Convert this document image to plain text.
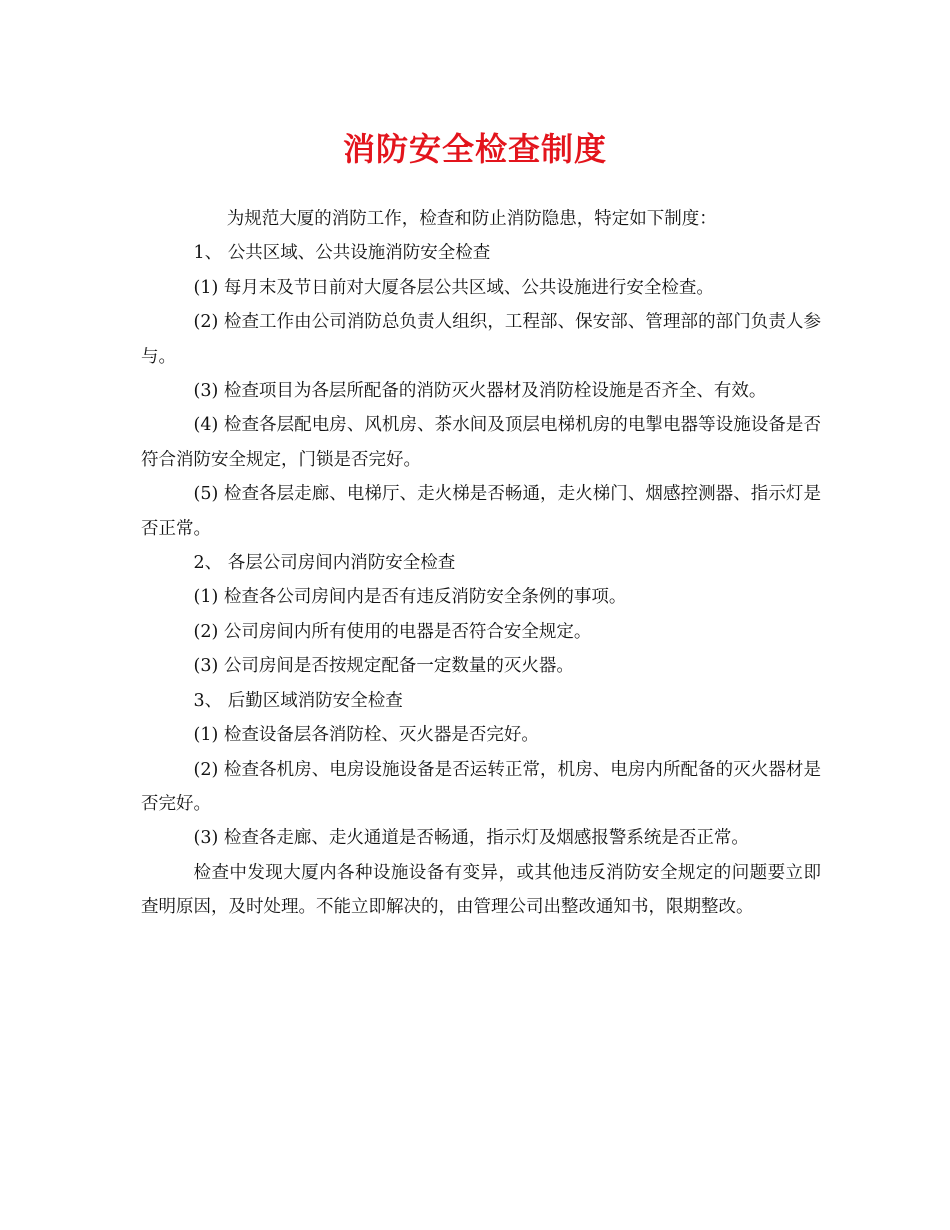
消防安全检查制度

为规范大厦的消防工作，检查和防止消防隐患，特定如下制度：

1、 公共区域、公共设施消防安全检查

(1) 每月末及节日前对大厦各层公共区域、公共设施进行安全检查。

(2) 检查工作由公司消防总负责人组织，工程部、保安部、管理部的部门负责人参与。

(3) 检查项目为各层所配备的消防灭火器材及消防栓设施是否齐全、有效。

(4) 检查各层配电房、风机房、茶水间及顶层电梯机房的电掣电器等设施设备是否符合消防安全规定，门锁是否完好。

(5) 检查各层走廊、电梯厅、走火梯是否畅通，走火梯门、烟感控测器、指示灯是否正常。

2、 各层公司房间内消防安全检查

(1) 检查各公司房间内是否有违反消防安全条例的事项。

(2) 公司房间内所有使用的电器是否符合安全规定。

(3) 公司房间是否按规定配备一定数量的灭火器。

3、 后勤区域消防安全检查

(1) 检查设备层各消防栓、灭火器是否完好。

(2) 检查各机房、电房设施设备是否运转正常，机房、电房内所配备的灭火器材是否完好。

(3) 检查各走廊、走火通道是否畅通，指示灯及烟感报警系统是否正常。

检查中发现大厦内各种设施设备有变异，或其他违反消防安全规定的问题要立即查明原因，及时处理。不能立即解决的，由管理公司出整改通知书，限期整改。
